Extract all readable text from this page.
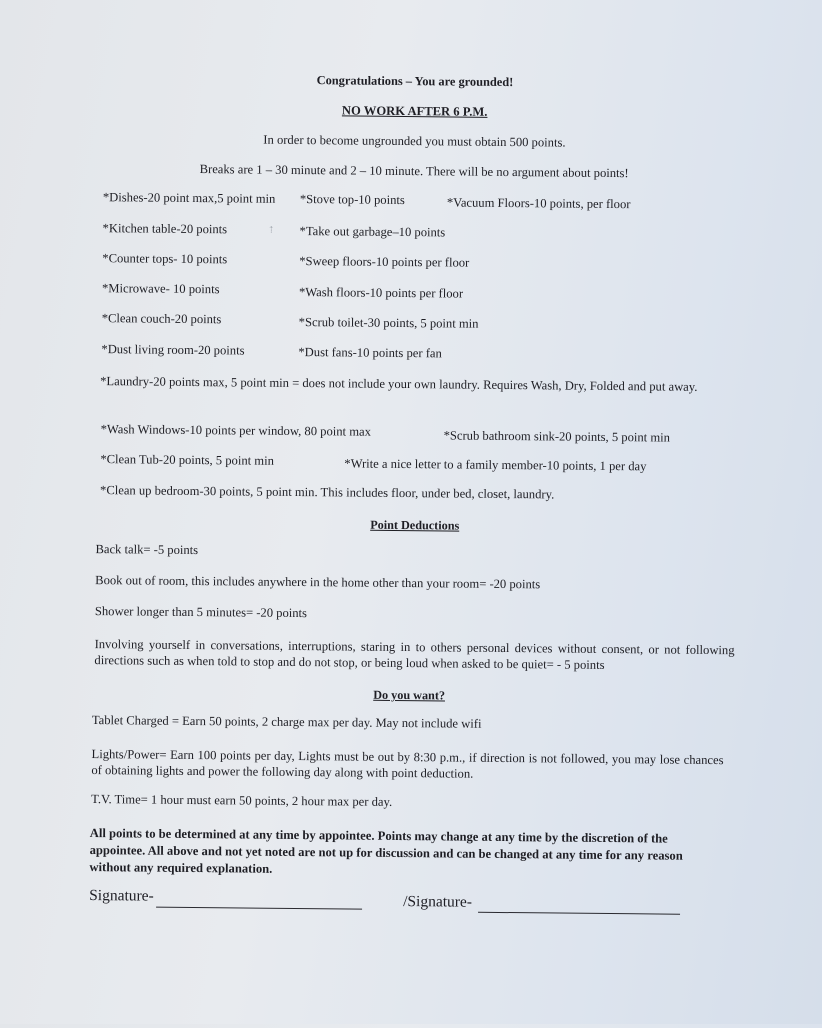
Congratulations – You are grounded!
NO WORK AFTER 6 P.M.
In order to become ungrounded you must obtain 500 points.
Breaks are 1 – 30 minute and 2 – 10 minute. There will be no argument about points!
*Dishes-20 point max,5 point min *Stove top-10 points	*Vacuum Floors-10 points, per floor
*Kitchen table-20 points	⇡ *Take out garbage–10 points
*Counter tops- 10 points	*Sweep floors-10 points per floor
*Microwave- 10 points	*Wash floors-10 points per floor
*Clean couch-20 points	*Scrub toilet-30 points, 5 point min
*Dust living room-20 points	*Dust fans-10 points per fan
*Laundry-20 points max, 5 point min = does not include your own laundry. Requires Wash, Dry, Folded and put away.
*Wash Windows-10 points per window, 80 point max	*Scrub bathroom sink-20 points, 5 point min
*Clean Tub-20 points, 5 point min	*Write a nice letter to a family member-10 points, 1 per day
*Clean up bedroom-30 points, 5 point min. This includes floor, under bed, closet, laundry.
Point Deductions
Back talk= -5 points
Book out of room, this includes anywhere in the home other than your room= -20 points
Shower longer than 5 minutes= -20 points
Involving yourself in conversations, interruptions, staring in to others personal devices without consent, or not following directions such as when told to stop and do not stop, or being loud when asked to be quiet= - 5 points
Do you want?
Tablet Charged = Earn 50 points, 2 charge max per day. May not include wifi
Lights/Power= Earn 100 points per day, Lights must be out by 8:30 p.m., if direction is not followed, you may lose chances of obtaining lights and power the following day along with point deduction.
T.V. Time= 1 hour must earn 50 points, 2 hour max per day.
All points to be determined at any time by appointee. Points may change at any time by the discretion of the appointee. All above and not yet noted are not up for discussion and can be changed at any time for any reason without any required explanation.
Signature-	/Signature-
